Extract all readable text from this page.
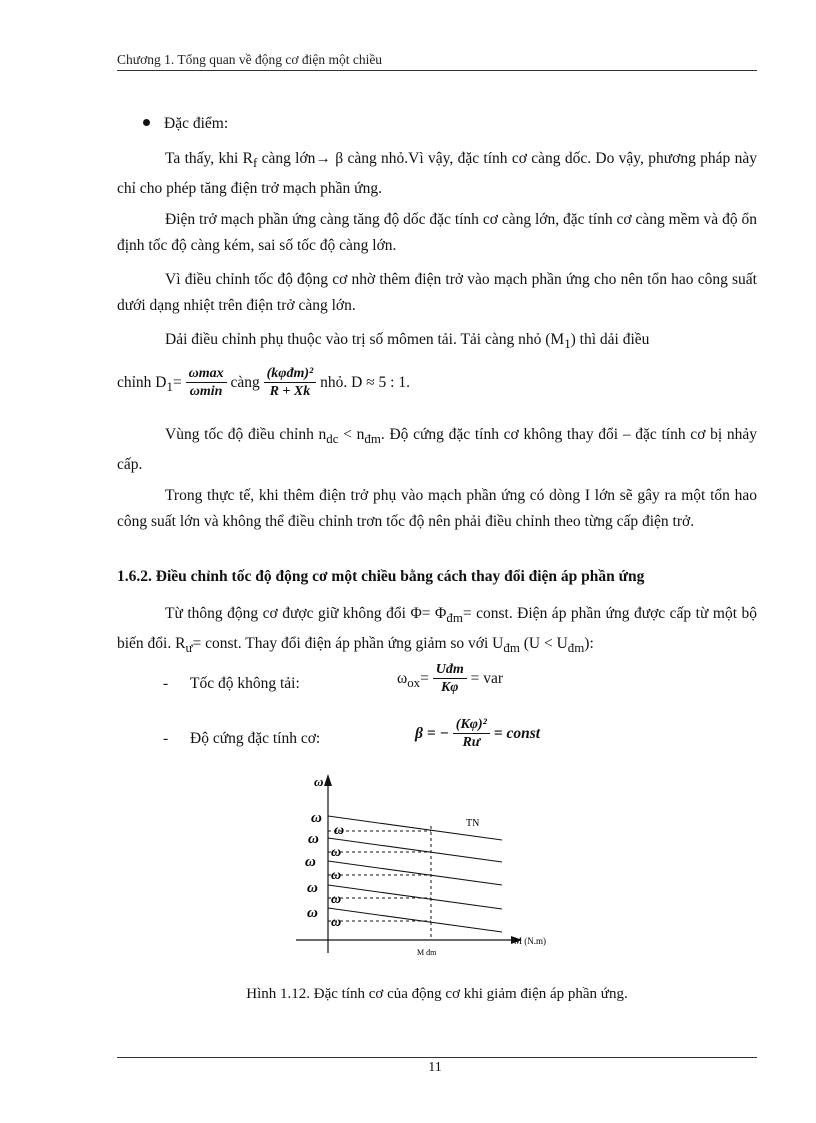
Chương 1. Tổng quan về động cơ điện một chiều
Đặc điểm:
Ta thấy, khi $R_f$ càng lớn→ β càng nhỏ.Vì vậy, đặc tính cơ càng dốc. Do vậy, phương pháp này chỉ cho phép tăng điện trở mạch phần ứng.
Điện trở mạch phần ứng càng tăng độ dốc đặc tính cơ càng lớn, đặc tính cơ càng mềm và độ ổn định tốc độ càng kém, sai số tốc độ càng lớn.
Vì điều chỉnh tốc độ động cơ nhờ thêm điện trở vào mạch phần ứng cho nên tổn hao công suất dưới dạng nhiệt trên điện trở càng lớn.
Dải điều chỉnh phụ thuộc vào trị số mômen tải. Tải càng nhỏ $(M_1)$ thì dải điều
chỉnh $D_1= \frac{\omega\max}{\omega\min}$ càng $\frac{\text{(kφđm)²}}{R + Xk}$ nhỏ. D ≈ 5 : 1.
Vùng tốc độ điều chỉnh $n_{dc} < n_{đm}$. Độ cứng đặc tính cơ không thay đổi – đặc tính cơ bị nhảy cấp.
Trong thực tế, khi thêm điện trở phụ vào mạch phần ứng có dòng I lớn sẽ gây ra một tổn hao công suất lớn và không thể điều chỉnh trơn tốc độ nên phải điều chỉnh theo từng cấp điện trở.
1.6.2. Điều chỉnh tốc độ động cơ một chiều bằng cách thay đổi điện áp phần ứng
Từ thông động cơ được giữ không đổi $\Phi= \Phi_{đm}=$ const. Điện áp phần ứng được cấp từ một bộ biến đổi. $R_ư=$ const. Thay đổi điện áp phần ứng giảm so với $U_{đm}$ $(U < U_{đm})$:
- Tốc độ không tải:	$\omega_{ox}= \frac{\text{Uđm}}{K\varphi}$ = var
- Độ cứng đặc tính cơ:	β = − $\frac{\text{(Kφ)²}}{Rư}$ = const
ω
M (N.m)
ω
ω
ω
ω
ω
ω
ω
ω
ω
ω
TN
M đm
Hình 1.12. Đặc tính cơ của động cơ khi giảm điện áp phần ứng.
11
